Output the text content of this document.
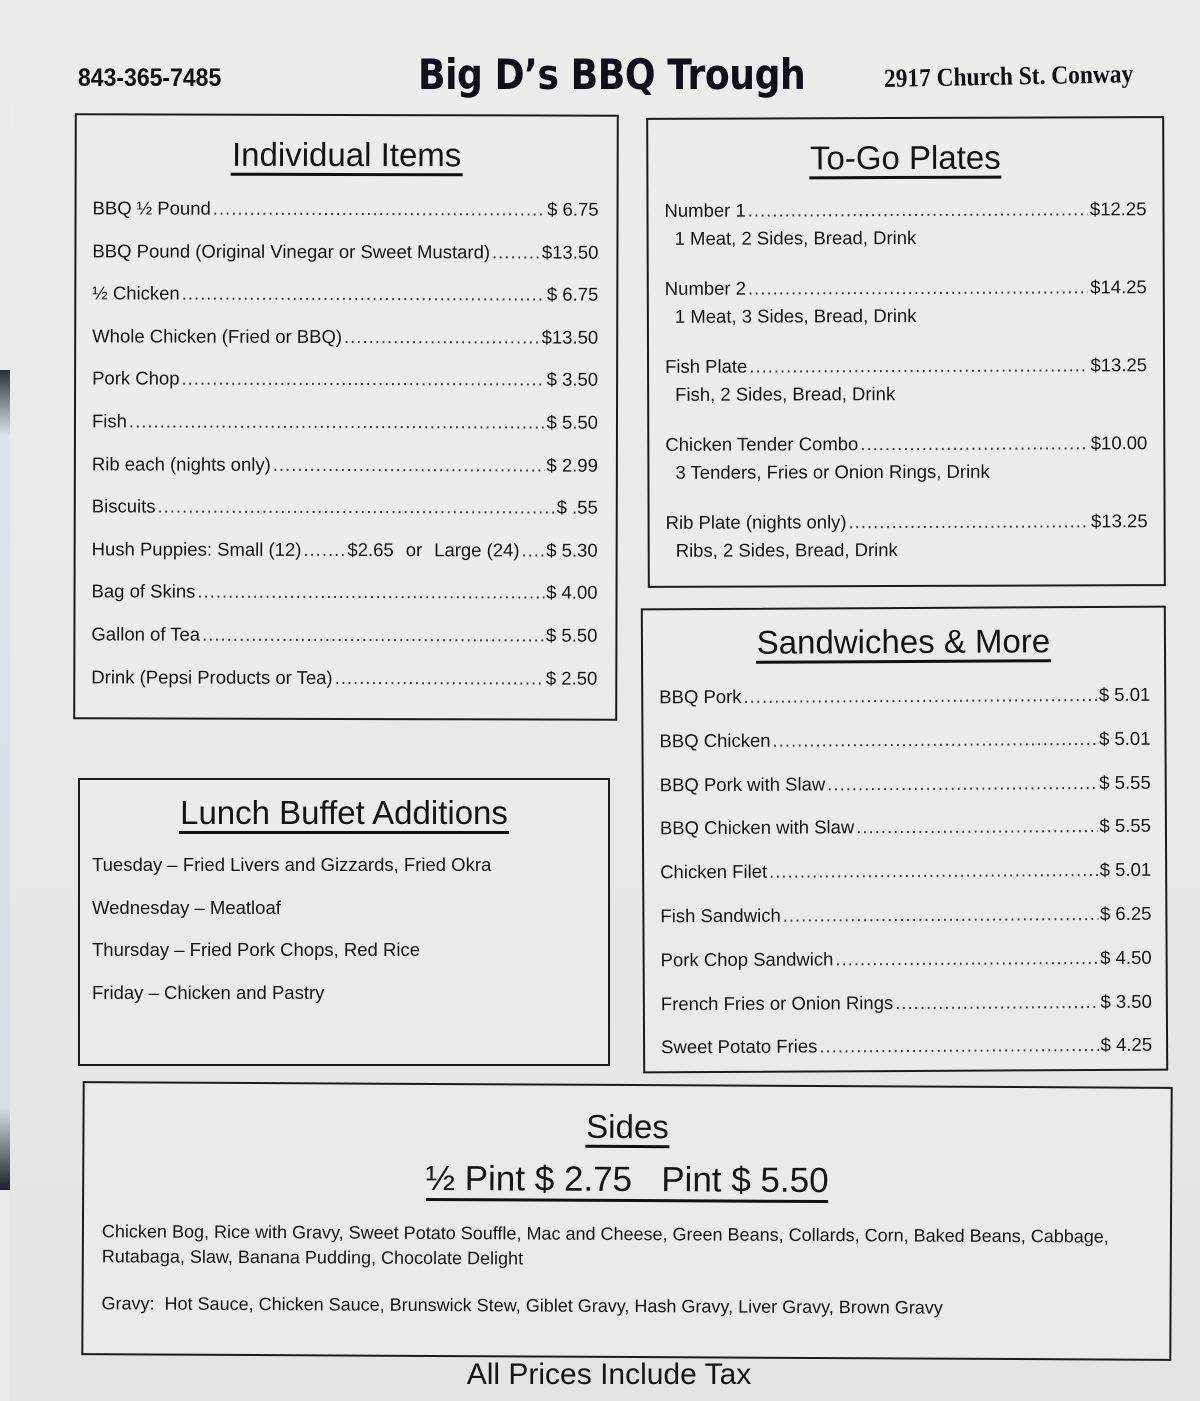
843-365-7485	Big D’s BBQ Trough	2917 Church St. Conway
Individual Items
BBQ ½ Pound .....	$ 6.75
BBQ Pound (Original Vinegar or Sweet Mustard) .....	$13.50
½ Chicken .....	$ 6.75
Whole Chicken (Fried or BBQ) .....	$13.50
Pork Chop .....	$ 3.50
Fish .....	$ 5.50
Rib each (nights only) .....	$ 2.99
Biscuits .....	$ .55
Hush Puppies: Small (12) ..... $2.65 or Large (24) ..... $ 5.30
Bag of Skins .....	$ 4.00
Gallon of Tea .....	$ 5.50
Drink (Pepsi Products or Tea) .....	$ 2.50
To-Go Plates
Number 1 .....	$12.25
1 Meat, 2 Sides, Bread, Drink
Number 2 .....	$14.25
1 Meat, 3 Sides, Bread, Drink
Fish Plate .....	$13.25
Fish, 2 Sides, Bread, Drink
Chicken Tender Combo .....	$10.00
3 Tenders, Fries or Onion Rings, Drink
Rib Plate (nights only) .....	$13.25
Ribs, 2 Sides, Bread, Drink
Lunch Buffet Additions
Tuesday – Fried Livers and Gizzards, Fried Okra
Wednesday – Meatloaf
Thursday – Fried Pork Chops, Red Rice
Friday – Chicken and Pastry
Sandwiches & More
BBQ Pork .....	$ 5.01
BBQ Chicken .....	$ 5.01
BBQ Pork with Slaw .....	$ 5.55
BBQ Chicken with Slaw .....	$ 5.55
Chicken Filet .....	$ 5.01
Fish Sandwich .....	$ 6.25
Pork Chop Sandwich .....	$ 4.50
French Fries or Onion Rings .....	$ 3.50
Sweet Potato Fries .....	$ 4.25
Sides
½ Pint $ 2.75   Pint $ 5.50
Chicken Bog, Rice with Gravy, Sweet Potato Souffle, Mac and Cheese, Green Beans, Collards, Corn, Baked Beans, Cabbage, Rutabaga, Slaw, Banana Pudding, Chocolate Delight
Gravy:  Hot Sauce, Chicken Sauce, Brunswick Stew, Giblet Gravy, Hash Gravy, Liver Gravy, Brown Gravy
All Prices Include Tax
